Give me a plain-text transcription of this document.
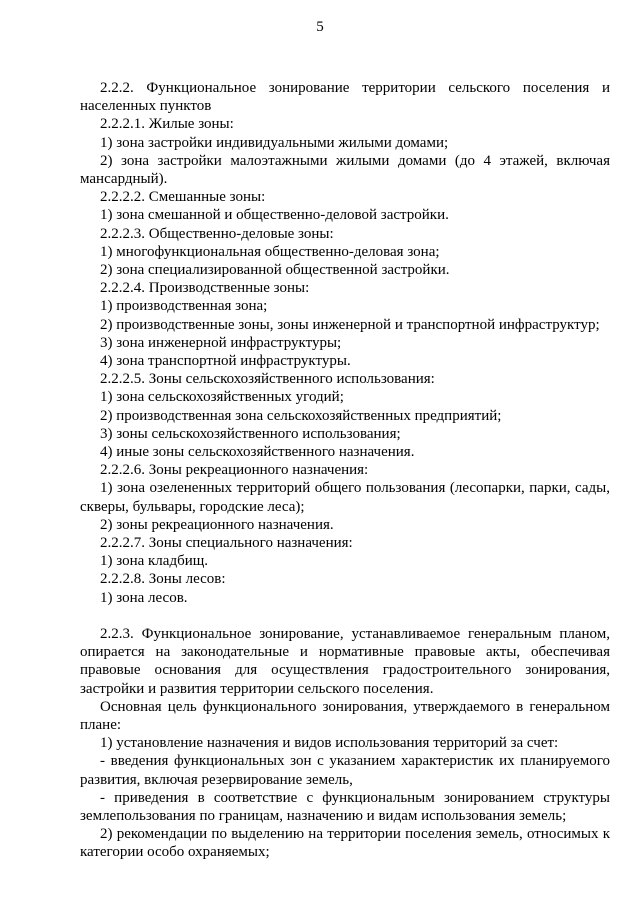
5

2.2.2. Функциональное зонирование территории сельского поселения и населенных пунктов

2.2.2.1. Жилые зоны:

1) зона застройки индивидуальными жилыми домами;

2) зона застройки малоэтажными жилыми домами (до 4 этажей, включая мансардный).

2.2.2.2. Смешанные зоны:

1) зона смешанной и общественно-деловой застройки.

2.2.2.3. Общественно-деловые зоны:

1) многофункциональная общественно-деловая зона;

2) зона специализированной общественной застройки.

2.2.2.4. Производственные зоны:

1) производственная зона;

2) производственные зоны, зоны инженерной и транспортной инфраструктур;

3) зона инженерной инфраструктуры;

4) зона транспортной инфраструктуры.

2.2.2.5. Зоны сельскохозяйственного использования:

1) зона сельскохозяйственных угодий;

2) производственная зона сельскохозяйственных предприятий;

3) зоны сельскохозяйственного использования;

4) иные зоны сельскохозяйственного назначения.

2.2.2.6. Зоны рекреационного назначения:

1) зона озелененных территорий общего пользования (лесопарки, парки, сады, скверы, бульвары, городские леса);

2) зоны рекреационного назначения.

2.2.2.7. Зоны специального назначения:

1) зона кладбищ.

2.2.2.8. Зоны лесов:

1) зона лесов.

2.2.3. Функциональное зонирование, устанавливаемое генеральным планом, опирается на законодательные и нормативные правовые акты, обеспечивая правовые основания для осуществления градостроительного зонирования, застройки и развития территории сельского поселения.

Основная цель функционального зонирования, утверждаемого в генеральном плане:

1) установление назначения и видов использования территорий за счет:

- введения функциональных зон с указанием характеристик их планируемого развития, включая резервирование земель,

- приведения в соответствие с функциональным зонированием структуры землепользования по границам, назначению и видам использования земель;

2) рекомендации по выделению на территории поселения земель, относимых к категории особо охраняемых;
